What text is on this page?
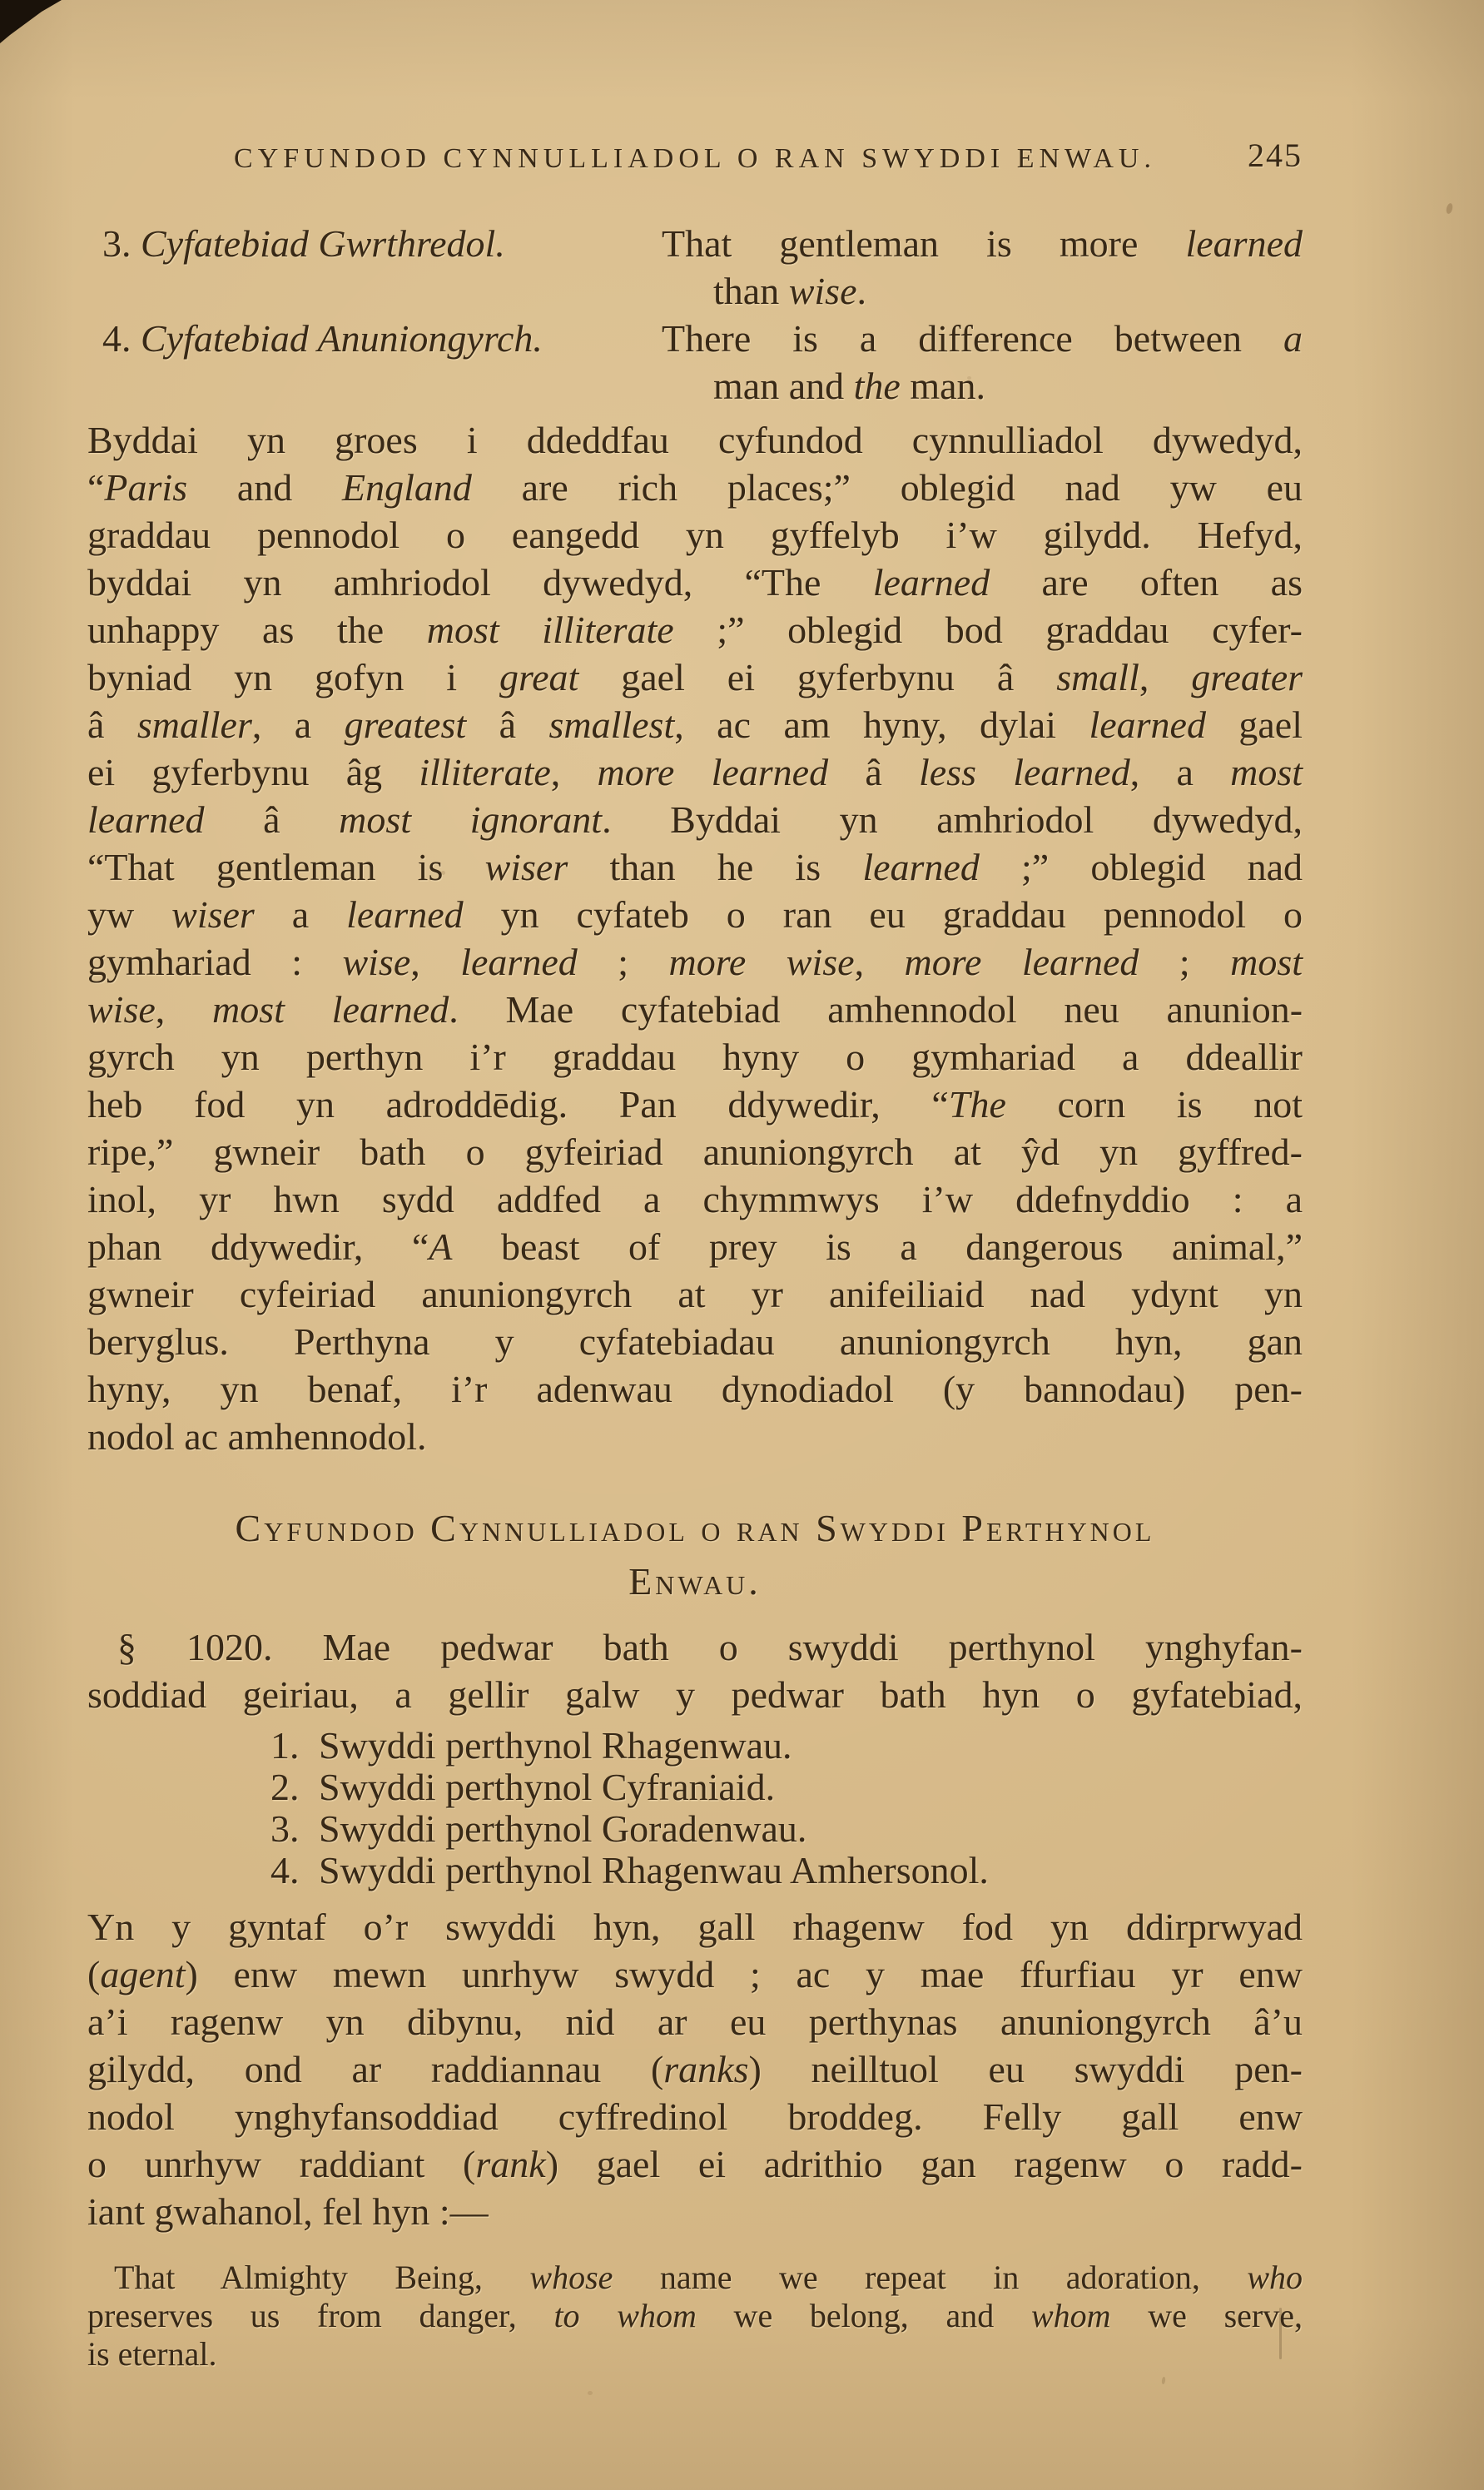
CYFUNDOD CYNNULLIADOL O RAN SWYDDI ENWAU.	245
3. Cyfatebiad Gwrthredol.	That gentleman is more learned
than wise.
4. Cyfatebiad Anuniongyrch.	There is a difference between a
man and the man.
Byddai yn groes i ddeddfau cyfundod cynnulliadol dywedyd,
“Paris and England are rich places;” oblegid nad yw eu
graddau pennodol o eangedd yn gyffelyb i’w gilydd. Hefyd,
byddai yn amhriodol dywedyd, “The learned are often as
unhappy as the most illiterate ;” oblegid bod graddau cyfer-
byniad yn gofyn i great gael ei gyferbynu â small, greater
â smaller, a greatest â smallest, ac am hyny, dylai learned gael
ei gyferbynu âg illiterate, more learned â less learned, a most
learned â most ignorant. Byddai yn amhriodol dywedyd,
“That gentleman is wiser than he is learned ;” oblegid nad
yw wiser a learned yn cyfateb o ran eu graddau pennodol o
gymhariad : wise, learned ; more wise, more learned ; most
wise, most learned. Mae cyfatebiad amhennodol neu anunion-
gyrch yn perthyn i’r graddau hyny o gymhariad a ddeallir
heb fod yn adroddēdig. Pan ddywedir, “The corn is not
ripe,” gwneir bath o gyfeiriad anuniongyrch at ŷd yn gyffred-
inol, yr hwn sydd addfed a chymmwys i’w ddefnyddio : a
phan ddywedir, “A beast of prey is a dangerous animal,”
gwneir cyfeiriad anuniongyrch at yr anifeiliaid nad ydynt yn
beryglus. Perthyna y cyfatebiadau anuniongyrch hyn, gan
hyny, yn benaf, i’r adenwau dynodiadol (y bannodau) pen-
nodol ac amhennodol.
Cyfundod Cynnulliadol o ran Swyddi Perthynol
Enwau.
§ 1020. Mae pedwar bath o swyddi perthynol ynghyfan-
soddiad geiriau, a gellir galw y pedwar bath hyn o gyfatebiad,
1. Swyddi perthynol Rhagenwau.
2. Swyddi perthynol Cyfraniaid.
3. Swyddi perthynol Goradenwau.
4. Swyddi perthynol Rhagenwau Amhersonol.
Yn y gyntaf o’r swyddi hyn, gall rhagenw fod yn ddirprwyad
(agent) enw mewn unrhyw swydd ; ac y mae ffurfiau yr enw
a’i ragenw yn dibynu, nid ar eu perthynas anuniongyrch â’u
gilydd, ond ar raddiannau (ranks) neilltuol eu swyddi pen-
nodol ynghyfansoddiad cyffredinol broddeg. Felly gall enw
o unrhyw raddiant (rank) gael ei adrithio gan ragenw o radd-
iant gwahanol, fel hyn :—
That Almighty Being, whose name we repeat in adoration, who
preserves us from danger, to whom we belong, and whom we serve,
is eternal.
